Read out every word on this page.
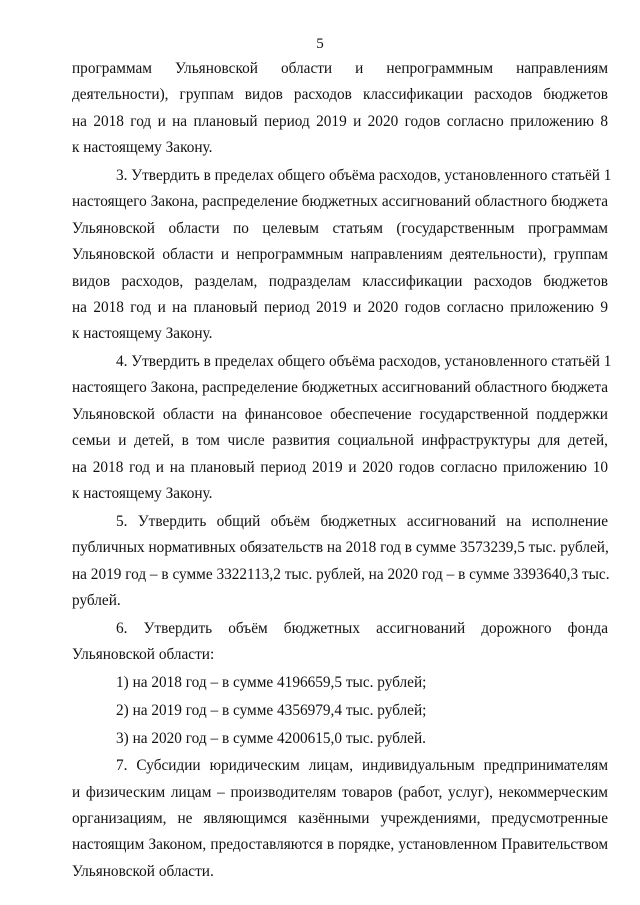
5
программам Ульяновской области и непрограммным направлениям
деятельности), группам видов расходов классификации расходов бюджетов
на 2018 год и на плановый период 2019 и 2020 годов согласно приложению 8
к настоящему Закону.
3. Утвердить в пределах общего объёма расходов, установленного статьёй 1
настоящего Закона, распределение бюджетных ассигнований областного бюджета
Ульяновской области по целевым статьям (государственным программам
Ульяновской области и непрограммным направлениям деятельности), группам
видов расходов, разделам, подразделам классификации расходов бюджетов
на 2018 год и на плановый период 2019 и 2020 годов согласно приложению 9
к настоящему Закону.
4. Утвердить в пределах общего объёма расходов, установленного статьёй 1
настоящего Закона, распределение бюджетных ассигнований областного бюджета
Ульяновской области на финансовое обеспечение государственной поддержки
семьи и детей, в том числе развития социальной инфраструктуры для детей,
на 2018 год и на плановый период 2019 и 2020 годов согласно приложению 10
к настоящему Закону.
5. Утвердить общий объём бюджетных ассигнований на исполнение
публичных нормативных обязательств на 2018 год в сумме 3573239,5 тыс. рублей,
на 2019 год – в сумме 3322113,2 тыс. рублей, на 2020 год – в сумме 3393640,3 тыс.
рублей.
6. Утвердить объём бюджетных ассигнований дорожного фонда
Ульяновской области:
1) на 2018 год – в сумме 4196659,5 тыс. рублей;
2) на 2019 год – в сумме 4356979,4 тыс. рублей;
3) на 2020 год – в сумме 4200615,0 тыс. рублей.
7. Субсидии юридическим лицам, индивидуальным предпринимателям
и физическим лицам – производителям товаров (работ, услуг), некоммерческим
организациям, не являющимся казёнными учреждениями, предусмотренные
настоящим Законом, предоставляются в порядке, установленном Правительством
Ульяновской области.
